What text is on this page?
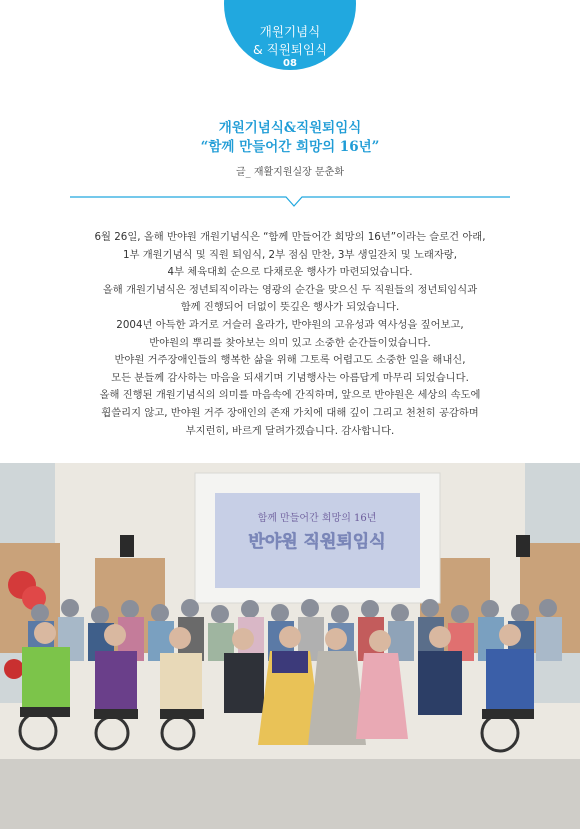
개원기념식
& 직원퇴임식
08
개원기념식&직원퇴임식
“함께 만들어간 희망의 16년”
글_ 재활지원실장 문춘화
6월 26일, 올해 반야원 개원기념식은 “함께 만들어간 희망의 16년”이라는 슬로건 아래,
1부 개원기념식 및 직원 퇴임식, 2부 점심 만찬, 3부 생일잔치 및 노래자랑,
4부 체육대회 순으로 다채로운 행사가 마련되었습니다.
올해 개원기념식은 정년퇴직이라는 영광의 순간을 맞으신 두 직원들의 정년퇴임식과
함께 진행되어 더없이 뜻깊은 행사가 되었습니다.
2004년 아득한 과거로 거슬러 올라가, 반야원의 고유성과 역사성을 짚어보고,
반야원의 뿌리를 찾아보는 의미 있고 소중한 순간들이었습니다.
반야원 거주장애인들의 행복한 삶을 위해 그토록 어렵고도 소중한 일을 해내신,
모든 분들께 감사하는 마음을 되새기며 기념행사는 아름답게 마무리 되었습니다.
올해 진행된 개원기념식의 의미를 마음속에 간직하며, 앞으로 반야원은 세상의 속도에
휩쓸리지 않고, 반야원 거주 장애인의 존재 가치에 대해 깊이 그리고 천천히 공감하며
부지런히, 바르게 달려가겠습니다. 감사합니다.
함께 만들어간 희망의 16년
반야원 직원퇴임식
